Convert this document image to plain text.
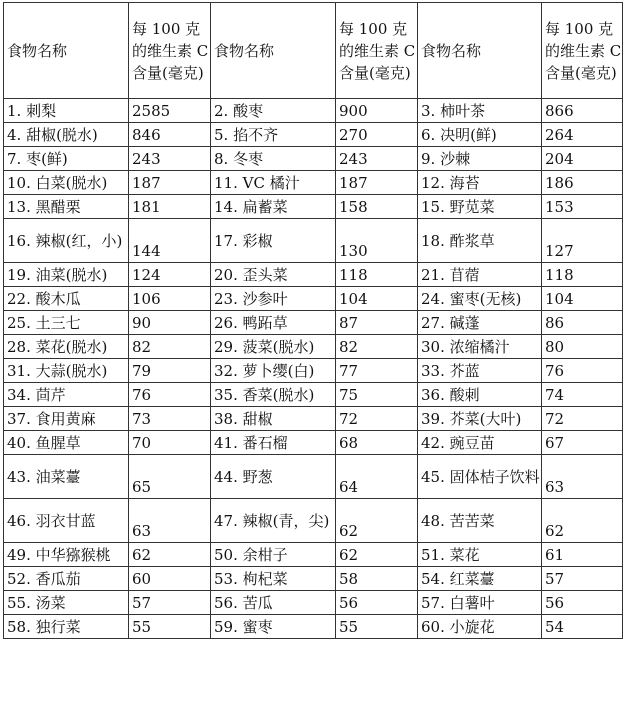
食物名称	每 100 克的维生素 C 含量(毫克)	食物名称	每 100 克的维生素 C 含量(毫克)	食物名称	每 100 克的维生素 C 含量(毫克)
1. 刺梨	2585	2. 酸枣	900	3. 柿叶茶	866
4. 甜椒(脱水)	846	5. 掐不齐	270	6. 决明(鲜)	264
7. 枣(鲜)	243	8. 冬枣	243	9. 沙棘	204
10. 白菜(脱水)	187	11. VC 橘汁	187	12. 海苔	186
13. 黑醋栗	181	14. 扁蓄菜	158	15. 野苋菜	153
16. 辣椒(红，小)	144	17. 彩椒	130	18. 酢浆草	127
19. 油菜(脱水)	124	20. 歪头菜	118	21. 苜蓿	118
22. 酸木瓜	106	23. 沙参叶	104	24. 蜜枣(无核)	104
25. 土三七	90	26. 鸭跖草	87	27. 碱蓬	86
28. 菜花(脱水)	82	29. 菠菜(脱水)	82	30. 浓缩橘汁	80
31. 大蒜(脱水)	79	32. 萝卜缨(白)	77	33. 芥蓝	76
34. 茴芹	76	35. 香菜(脱水)	75	36. 酸刺	74
37. 食用黄麻	73	38. 甜椒	72	39. 芥菜(大叶)	72
40. 鱼腥草	70	41. 番石榴	68	42. 豌豆苗	67
43. 油菜薹	65	44. 野葱	64	45. 固体桔子饮料	63
46. 羽衣甘蓝	63	47. 辣椒(青，尖)	62	48. 苦苦菜	62
49. 中华猕猴桃	62	50. 余柑子	62	51. 菜花	61
52. 香瓜茄	60	53. 枸杞菜	58	54. 红菜薹	57
55. 汤菜	57	56. 苦瓜	56	57. 白薯叶	56
58. 独行菜	55	59. 蜜枣	55	60. 小旋花	54
